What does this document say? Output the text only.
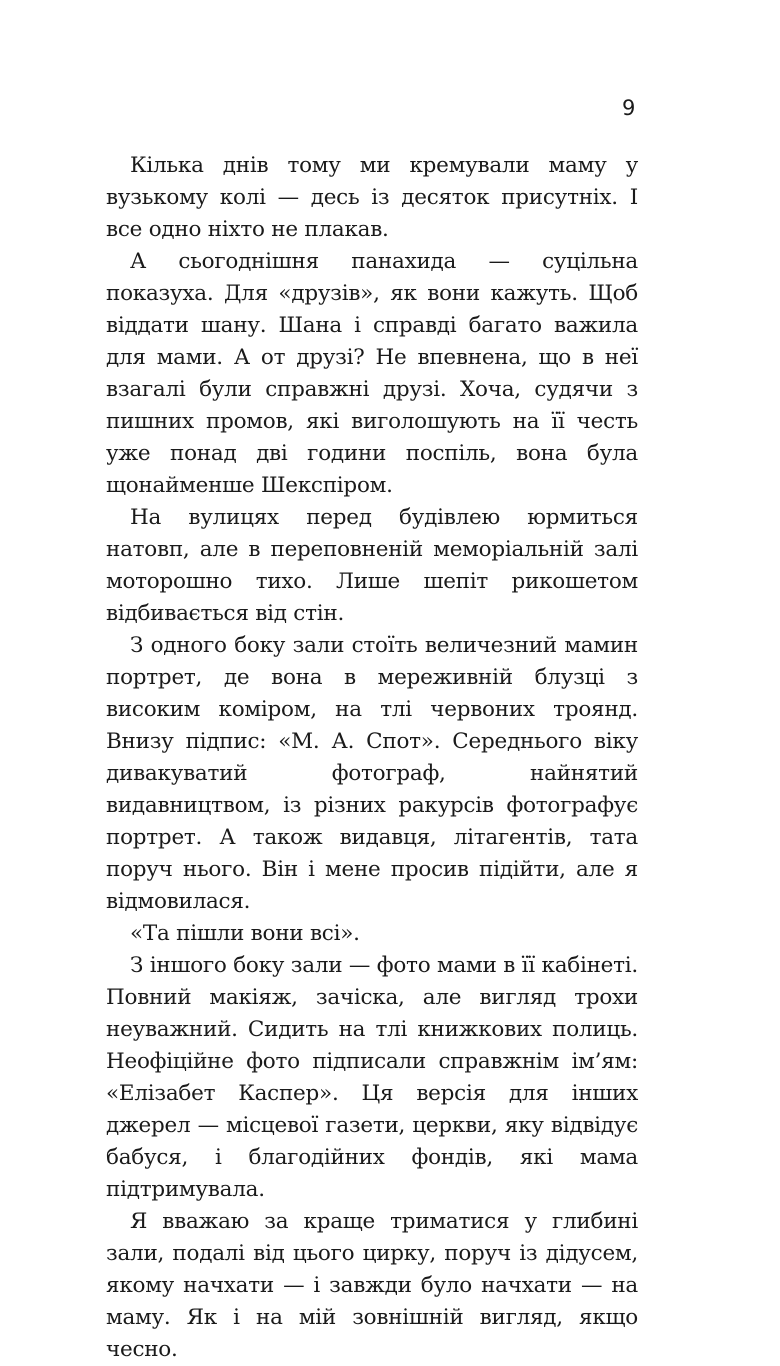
9

Кілька днів тому ми кремували маму у вузькому колі — десь із десяток присутніх. І все одно ніхто не плакав.

А сьогоднішня панахида — суцільна показуха. Для «друзів», як вони кажуть. Щоб віддати шану. Шана і справді багато важила для мами. А от друзі? Не впевнена, що в неї взагалі були справжні друзі. Хоча, судячи з пишних промов, які виголошують на її честь уже понад дві години поспіль, вона була щонайменше Шекспіром.

На вулицях перед будівлею юрмиться натовп, але в переповненій меморіальній залі моторошно тихо. Лише шепіт рикошетом відбивається від стін.

З одного боку зали стоїть величезний мамин портрет, де вона в мереживній блузці з високим коміром, на тлі червоних троянд. Внизу підпис: «М. А. Спот». Середнього віку дивакуватий фотограф, найнятий видавництвом, із різних ракурсів фотографує портрет. А також видавця, літагентів, тата поруч нього. Він і мене просив підійти, але я відмовилася.

«Та пішли вони всі».

З іншого боку зали — фото мами в її кабінеті. Повний макіяж, зачіска, але вигляд трохи неуважний. Сидить на тлі книжкових полиць. Неофіційне фото підписали справжнім ім’ям: «Елізабет Каспер». Ця версія для інших джерел — місцевої газети, церкви, яку відвідує бабуся, і благодійних фондів, які мама підтримувала.

Я вважаю за краще триматися у глибині зали, подалі від цього цирку, поруч із дідусем, якому начхати — і завжди було начхати — на маму. Як і на мій зовнішній вигляд, якщо чесно.
